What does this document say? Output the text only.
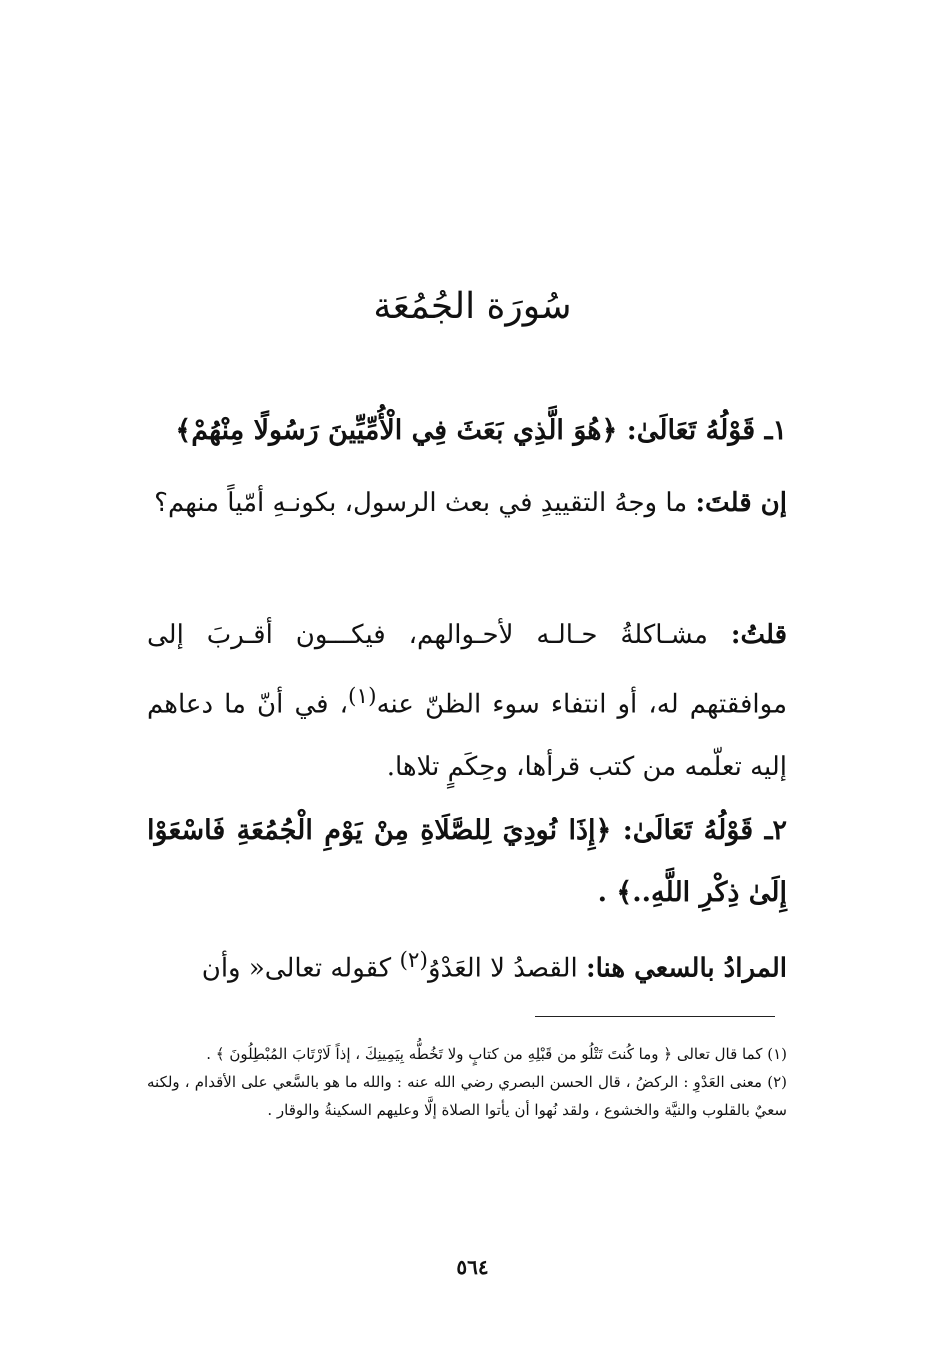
سُورَة الجُمُعَة

١ـ قَوْلُهُ تَعَالَىٰ: ﴿هُوَ الَّذِي بَعَثَ فِي الْأُمِّيِّينَ رَسُولًا مِنْهُمْ﴾

إن قلتَ: ما وجهُ التقييدِ في بعث الرسول، بكونـهِ أمّياً منهم؟

قلتُ: مشـاكلةُ حـالـه لأحـوالهم، فيكـــون أقـربَ إلى موافقتهم له، أو انتفاء سوء الظنّ عنه$^{(١)}$، في أنّ ما دعاهم إليه تعلّمه من كتب قرأها، وحِكَمٍ تلاها.

٢ـ قَوْلُهُ تَعَالَىٰ: ﴿إِذَا نُودِيَ لِلصَّلَاةِ مِنْ يَوْمِ الْجُمُعَةِ فَاسْعَوْا إِلَىٰ ذِكْرِ اللَّهِ..﴾ .

المرادُ بالسعي هنا: القصدُ لا العَدْوُ$^{(٢)}$ كقوله تعالى« وأن

(١) كما قال تعالى ﴿ وما كُنتَ تَتْلُو من قَبْلِهِ من كتابٍ ولا تَخُطُّه بِيَمِينِكَ ، إذاً لَارْتَابَ المُبْطِلُونَ ﴾ .

(٢) معنى العَدْوِ : الركضُ ، قال الحسن البصري رضي الله عنه : والله ما هو بالسَّعي على الأقدام ، ولكنه سعيٌ بالقلوب والنيَّة والخشوع ، ولقد نُهوا أن يأتوا الصلاة إلَّا وعليهم السكينةُ والوقار .

٥٦٤
